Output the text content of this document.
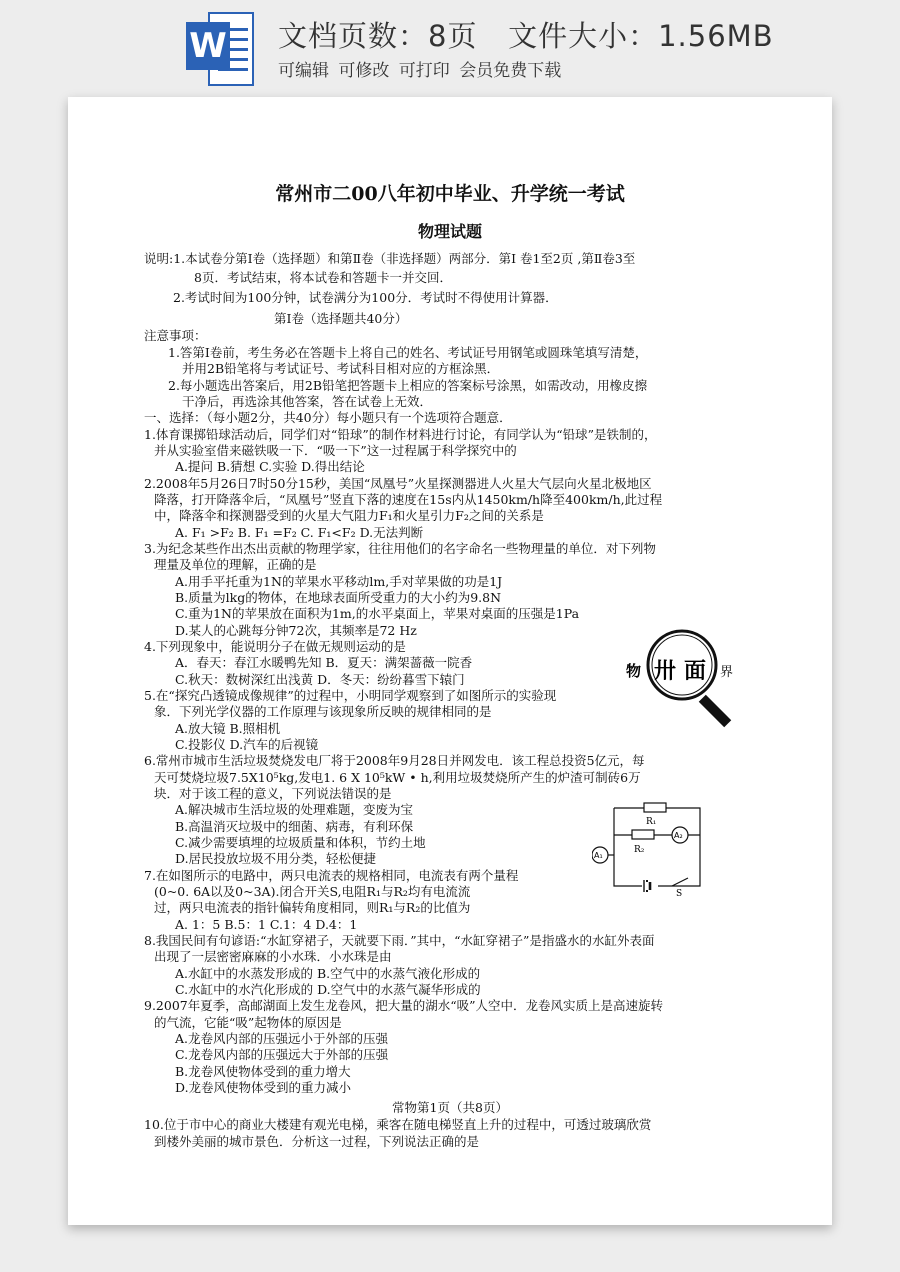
W 文档页数：8页   文件大小：1.56MB
可编辑 可修改 可打印 会员免费下载
常州市二00八年初中毕业、升学统一考试
物理试题
说明:1.本试卷分第Ⅰ卷（选择题）和第Ⅱ卷（非选择题）两部分．第Ⅰ 卷1至2页 ,第Ⅱ卷3至
8页．考试结束，将本试卷和答题卡一并交回．
2.考试时间为100分钟，试卷满分为100分．考试时不得使用计算器．
第Ⅰ卷（选择题共40分）
注意事项：
1.答第Ⅰ卷前，考生务必在答题卡上将自己的姓名、考试证号用钢笔或圆珠笔填写清楚，
并用2B铅笔将与考试证号、考试科目相对应的方框涂黑．
2.每小题选出答案后，用2B铅笔把答题卡上相应的答案标号涂黑，如需改动，用橡皮擦
干净后，再选涂其他答案，答在试卷上无效．
一、选择：（每小题2分，共40分）每小题只有一个选项符合题意．
1.体育课掷铅球活动后，同学们对“铅球”的制作材料进行讨论，有同学认为“铅球”是铁制的，
并从实验室借来磁铁吸一下．“吸一下”这一过程属于科学探究中的
A.提问 B.猜想 C.实验 D.得出结论
2.2008年5月26日7时50分15秒，美国“凤凰号”火星探测器进人火星大气层向火星北极地区
降落，打开降落伞后，“凤凰号”竖直下落的速度在15s内从1450km/h降至400km/h,此过程
中，降落伞和探测器受到的火星大气阻力F₁和火星引力F₂之间的关系是
A. F₁ >F₂ B. F₁ =F₂ C. F₁<F₂ D.无法判断
3.为纪念某些作出杰出贡献的物理学家，往往用他们的名字命名一些物理量的单位．对下列物
理量及单位的理解，正确的是
A.用手平托重为1N的苹果水平移动lm,手对苹果做的功是1J
B.质量为lkg的物体，在地球表面所受重力的大小约为9.8N
C.重为1N的苹果放在面积为1m,的水平桌面上，苹果对桌面的压强是1Pa
D.某人的心跳每分钟72次，其频率是72 Hz
4.下列现象中，能说明分子在做无规则运动的是
A．春天：春江水暖鸭先知 B．夏天：满架蔷薇一院香
C.秋天：数树深红出浅黄 D．冬天：纷纷暮雪下辕门
5.在“探究凸透镜成像规律”的过程中，小明同学观察到了如图所示的实验现
象．下列光学仪器的工作原理与该现象所反映的规律相同的是
A.放大镜 B.照相机
C.投影仪 D.汽车的后视镜
6.常州市城市生活垃圾焚烧发电厂将于2008年9月28日并网发电．该工程总投资5亿元，每
天可焚烧垃圾7.5X10⁵kg,发电1. 6 X 10⁵kW • h,利用垃圾焚烧所产生的炉渣可制砖6万
块．对于该工程的意义，下列说法错误的是
A.解决城市生活垃圾的处理难题，变废为宝
B.高温消灭垃圾中的细菌、病毒，有利环保
C.减少需要填埋的垃圾质量和体积，节约土地
D.居民投放垃圾不用分类，轻松便捷
7.在如图所示的电路中，两只电流表的规格相同，电流表有两个量程
(0~0. 6A以及0~3A).闭合开关S,电阻R₁与R₂均有电流流
过，两只电流表的指针偏转角度相同，则R₁与R₂的比值为
A. 1：5 B.5：1 C.1：4 D.4：1
8.我国民间有句谚语:“水缸穿裙子，天就要下雨．”其中，“水缸穿裙子”是指盛水的水缸外表面
出现了一层密密麻麻的小水珠．小水珠是由
A.水缸中的水蒸发形成的 B.空气中的水蒸气液化形成的
C.水缸中的水汽化形成的 D.空气中的水蒸气凝华形成的
9.2007年夏季，高邮湖面上发生龙卷风，把大量的湖水“吸”人空中．龙卷风实质上是高速旋转
的气流，它能“吸”起物体的原因是
A.龙卷风内部的压强远小于外部的压强
C.龙卷风内部的压强远大于外部的压强
B.龙卷风使物体受到的重力增大
D.龙卷风使物体受到的重力减小
常物第1页（共8页）
10.位于市中心的商业大楼建有观光电梯，乘客在随电梯竖直上升的过程中，可透过玻璃欣赏
到楼外美丽的城市景色．分析这一过程，下列说法正确的是
物 卅 面 界
R₁
R₂
A₂
A₁
S
